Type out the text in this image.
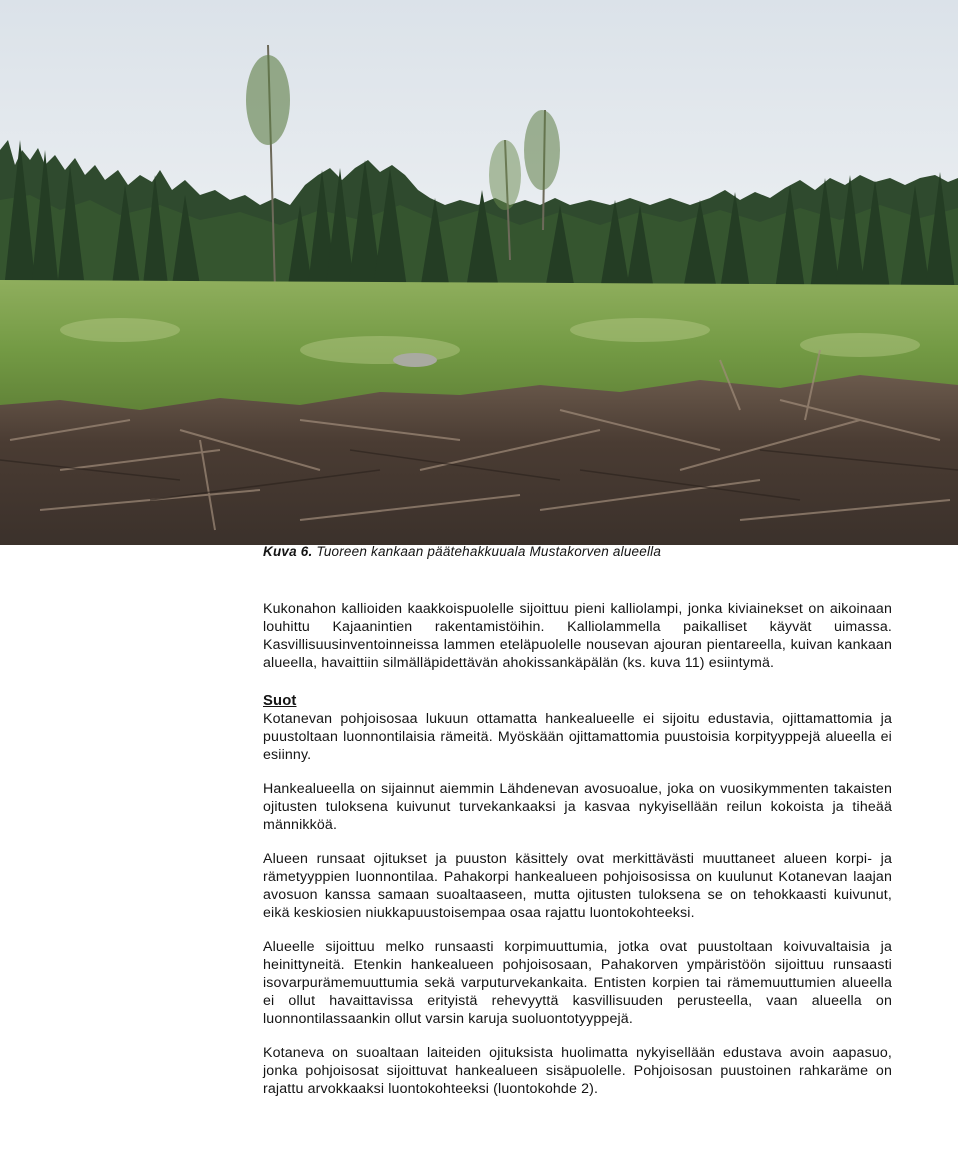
Kuva 6. Tuoreen kankaan päätehakkuuala Mustakorven alueella

Kukonahon kallioiden kaakkoispuolelle sijoittuu pieni kalliolampi, jonka kiviainekset on aikoinaan louhittu Kajaanintien rakentamistöihin. Kalliolammella paikalliset käyvät uimassa. Kasvillisuusinventoinneissa lammen eteläpuolelle nousevan ajouran pientareella, kuivan kankaan alueella, havaittiin silmälläpidettävän ahokissankäpälän (ks. kuva 11) esiintymä.

Suot

Kotanevan pohjoisosaa lukuun ottamatta hankealueelle ei sijoitu edustavia, ojittamattomia ja puustoltaan luonnontilaisia rämeitä. Myöskään ojittamattomia puustoisia korpityyppejä alueella ei esiinny.

Hankealueella on sijainnut aiemmin Lähdenevan avosuoalue, joka on vuosikymmenten takaisten ojitusten tuloksena kuivunut turvekankaaksi ja kasvaa nykyisellään reilun kokoista ja tiheää männikköä.

Alueen runsaat ojitukset ja puuston käsittely ovat merkittävästi muuttaneet alueen korpi- ja rämetyyppien luonnontilaa. Pahakorpi hankealueen pohjoisosissa on kuulunut Kotanevan laajan avosuon kanssa samaan suoaltaaseen, mutta ojitusten tuloksena se on tehokkaasti kuivunut, eikä keskiosien niukkapuustoisempaa osaa rajattu luontokohteeksi.

Alueelle sijoittuu melko runsaasti korpimuuttumia, jotka ovat puustoltaan koivuvaltaisia ja heinittyneitä. Etenkin hankealueen pohjoisosaan, Pahakorven ympäristöön sijoittuu runsaasti isovarpurämemuuttumia sekä varputurvekankaita. Entisten korpien tai rämemuuttumien alueella ei ollut havaittavissa erityistä rehevyyttä kasvillisuuden perusteella, vaan alueella on luonnontilassaankin ollut varsin karuja suoluontotyyppejä.

Kotaneva on suoaltaan laiteiden ojituksista huolimatta nykyisellään edustava avoin aapasuo, jonka pohjoisosat sijoittuvat hankealueen sisäpuolelle. Pohjoisosan puustoinen rahkaräme on rajattu arvokkaaksi luontokohteeksi (luontokohde 2).
